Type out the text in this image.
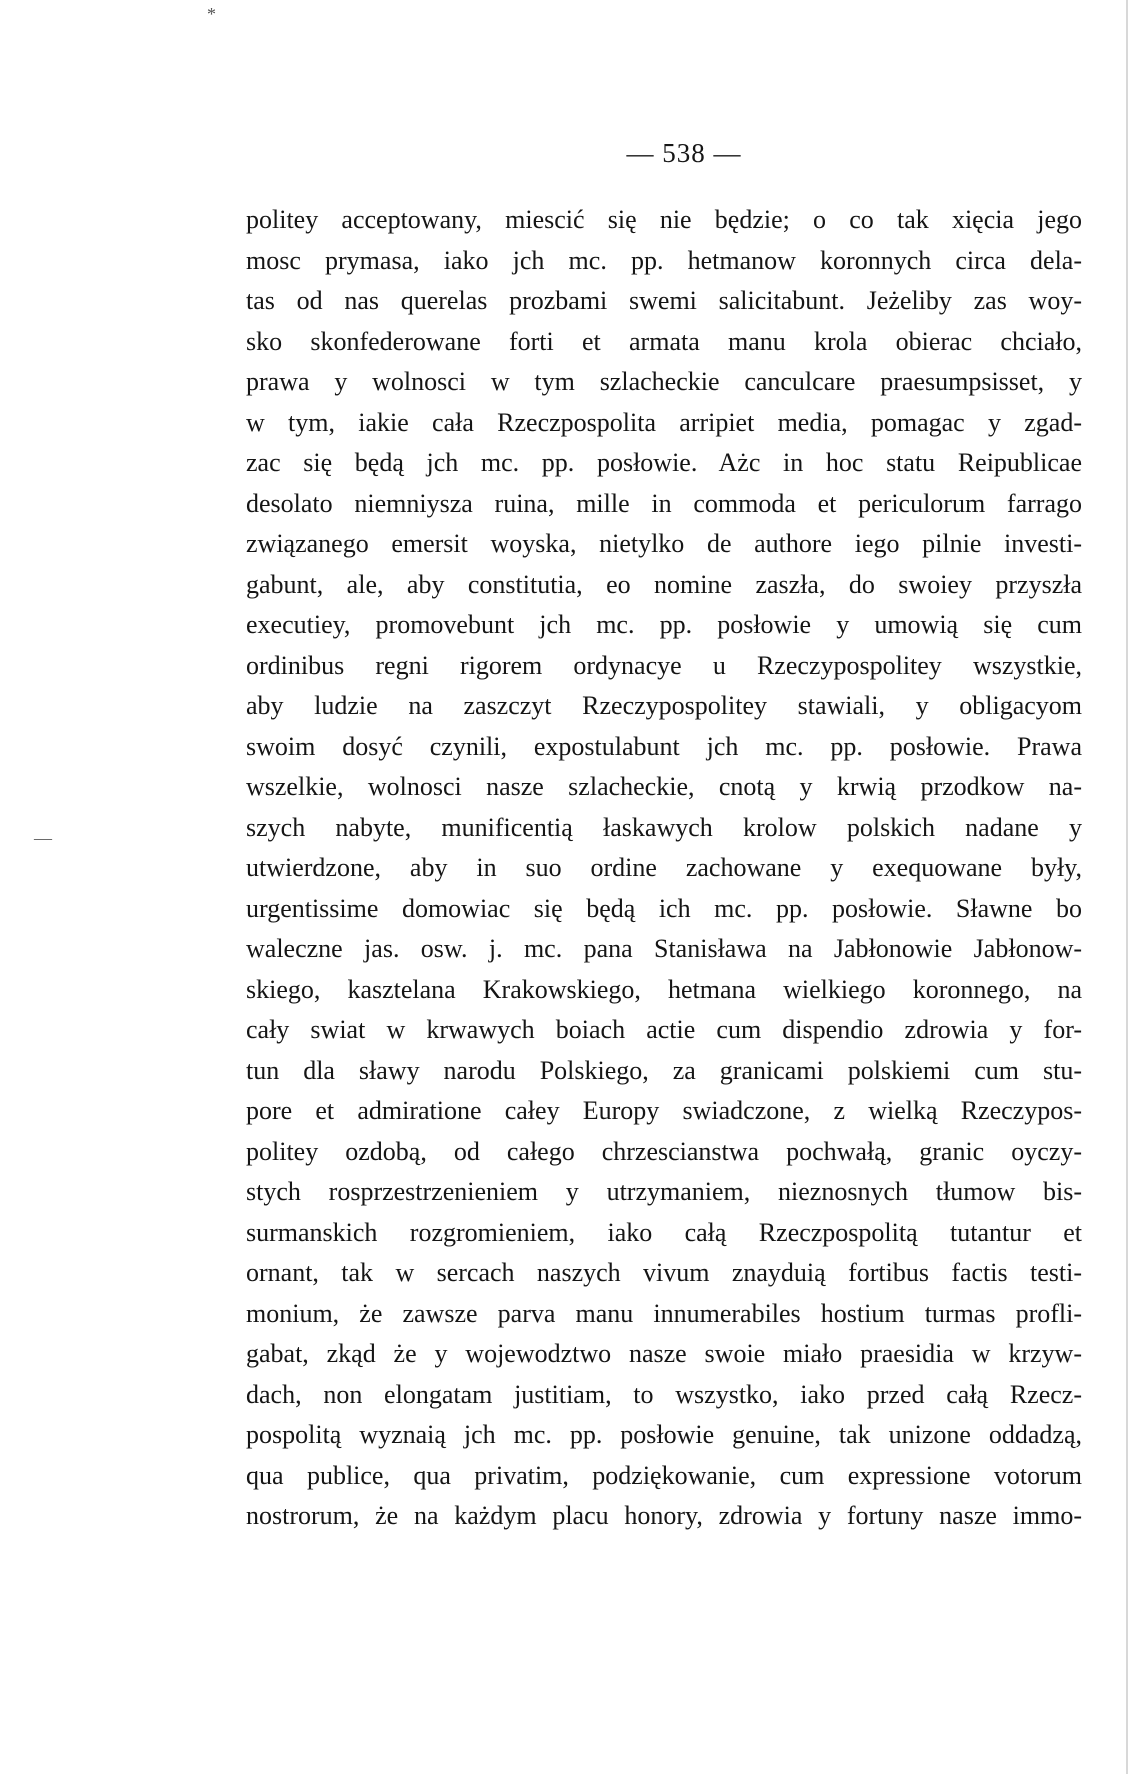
*
—
— 538 —
politey acceptowany, miescić się nie będzie; o co tak xięcia jego
mosc prymasa, iako jch mc. pp. hetmanow koronnych circa dela-
tas od nas querelas prozbami swemi salicitabunt. Jeżeliby zas woy-
sko skonfederowane forti et armata manu krola obierac chciało,
prawa y wolnosci w tym szlacheckie canculcare praesumpsisset, y
w tym, iakie cała Rzeczpospolita arripiet media, pomagac y zgad-
zac się będą jch mc. pp. posłowie. Ażc in hoc statu Reipublicae
desolato niemniysza ruina, mille in commoda et periculorum farrago
związanego emersit woyska, nietylko de authore iego pilnie investi-
gabunt, ale, aby constitutia, eo nomine zaszła, do swoiey przyszła
executiey, promovebunt jch mc. pp. posłowie y umowią się cum
ordinibus regni rigorem ordynacye u Rzeczypospolitey wszystkie,
aby ludzie na zaszczyt Rzeczypospolitey stawiali, y obligacyom
swoim dosyć czynili, expostulabunt jch mc. pp. posłowie. Prawa
wszelkie, wolnosci nasze szlacheckie, cnotą y krwią przodkow na-
szych nabyte, munificentią łaskawych krolow polskich nadane y
utwierdzone, aby in suo ordine zachowane y exequowane były,
urgentissime domowiac się będą ich mc. pp. posłowie. Sławne bo
waleczne jas. osw. j. mc. pana Stanisława na Jabłonowie Jabłonow-
skiego, kasztelana Krakowskiego, hetmana wielkiego koronnego, na
cały swiat w krwawych boiach actie cum dispendio zdrowia y for-
tun dla sławy narodu Polskiego, za granicami polskiemi cum stu-
pore et admiratione całey Europy swiadczone, z wielką Rzeczypos-
politey ozdobą, od całego chrzescianstwa pochwałą, granic oyczy-
stych rosprzestrzenieniem y utrzymaniem, nieznosnych tłumow bis-
surmanskich rozgromieniem, iako całą Rzeczpospolitą tutantur et
ornant, tak w sercach naszych vivum znayduią fortibus factis testi-
monium, że zawsze parva manu innumerabiles hostium turmas profli-
gabat, zkąd że y wojewodztwo nasze swoie miało praesidia w krzyw-
dach, non elongatam justitiam, to wszystko, iako przed całą Rzecz-
pospolitą wyznaią jch mc. pp. posłowie genuine, tak unizone oddadzą,
qua publice, qua privatim, podziękowanie, cum expressione votorum
nostrorum, że na każdym placu honory, zdrowia y fortuny nasze immo-
